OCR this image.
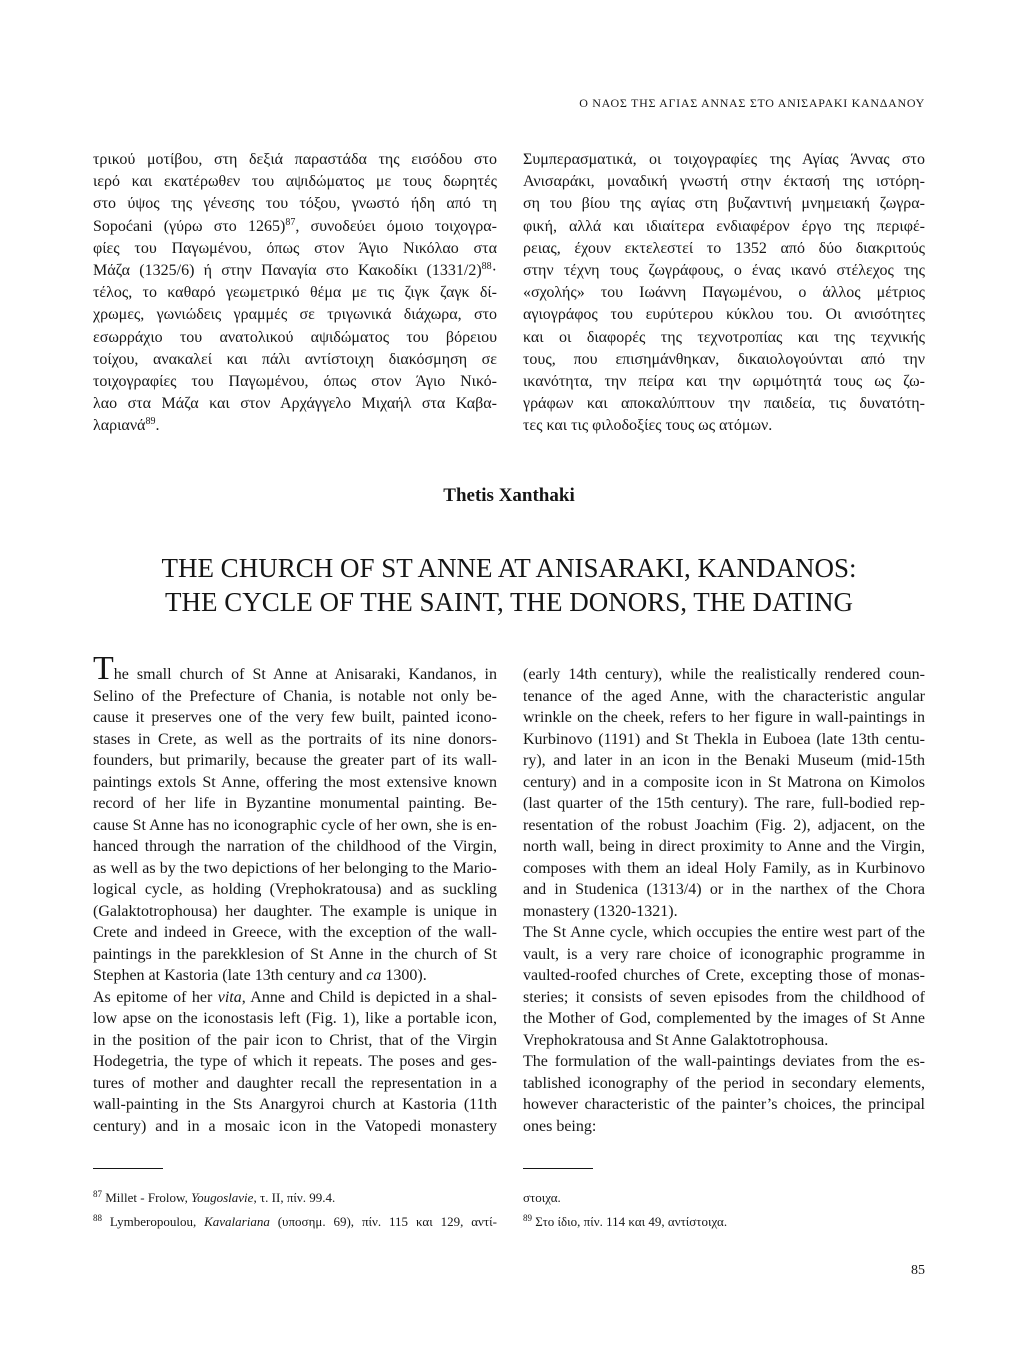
Ο ΝΑΟΣ ΤΗΣ ΑΓΙΑΣ ΑΝΝΑΣ ΣΤΟ ΑΝΙΣΑΡΑΚΙ ΚΑΝΔΑΝΟΥ
τρικού μοτίβου, στη δεξιά παραστάδα της εισόδου στο
ιερό και εκατέρωθεν του αψιδώματος με τους δωρητές
στο ύψος της γένεσης του τόξου, γνωστό ήδη από τη
Sopoćani (γύρω στο 1265)$^{87}$, συνοδεύει όμοιο τοιχογρα-
φίες του Παγωμένου, όπως στον Άγιο Νικόλαο στα
Μάζα (1325/6) ή στην Παναγία στο Κακοδίκι $(1331/2)^{88}\cdot$
τέλος, το καθαρό γεωμετρικό θέμα με τις ζιγκ ζαγκ δί-
χρωμες, γωνιώδεις γραμμές σε τριγωνικά διάχωρα, στο
εσωρράχιο του ανατολικού αψιδώματος του βόρειου
τοίχου, ανακαλεί και πάλι αντίστοιχη διακόσμηση σε
τοιχογραφίες του Παγωμένου, όπως στον Άγιο Νικό-
λαο στα Μάζα και στον Αρχάγγελο Μιχαήλ στα Καβα-
λαριανά$^{89}$.
Συμπερασματικά, οι τοιχογραφίες της Αγίας Άννας στο
Ανισαράκι, μοναδική γνωστή στην έκτασή της ιστόρη-
ση του βίου της αγίας στη βυζαντινή μνημειακή ζωγρα-
φική, αλλά και ιδιαίτερα ενδιαφέρον έργο της περιφέ-
ρειας, έχουν εκτελεστεί το 1352 από δύο διακριτούς
στην τέχνη τους ζωγράφους, ο ένας ικανό στέλεχος της
«σχολής» του Ιωάννη Παγωμένου, ο άλλος μέτριος
αγιογράφος του ευρύτερου κύκλου του. Οι ανισότητες
και οι διαφορές της τεχνοτροπίας και της τεχνικής
τους, που επισημάνθηκαν, δικαιολογούνται από την
ικανότητα, την πείρα και την ωριμότητά τους ως ζω-
γράφων και αποκαλύπτουν την παιδεία, τις δυνατότη-
τες και τις φιλοδοξίες τους ως ατόμων.
Thetis Xanthaki
THE CHURCH OF ST ANNE AT ANISARAKI, KANDANOS:
THE CYCLE OF THE SAINT, THE DONORS, THE DATING
The small church of St Anne at Anisaraki, Kandanos, in
Selino of the Prefecture of Chania, is notable not only be-
cause it preserves one of the very few built, painted icono-
stases in Crete, as well as the portraits of its nine donors-
founders, but primarily, because the greater part of its wall-
paintings extols St Anne, offering the most extensive known
record of her life in Byzantine monumental painting. Be-
cause St Anne has no iconographic cycle of her own, she is en-
hanced through the narration of the childhood of the Virgin,
as well as by the two depictions of her belonging to the Mario-
logical cycle, as holding (Vrephokratousa) and as suckling
(Galaktotrophousa) her daughter. The example is unique in
Crete and indeed in Greece, with the exception of the wall-
paintings in the parekklesion of St Anne in the church of St
Stephen at Kastoria (late 13th century and ca 1300).
As epitome of her vita, Anne and Child is depicted in a shal-
low apse on the iconostasis left (Fig. 1), like a portable icon,
in the position of the pair icon to Christ, that of the Virgin
Hodegetria, the type of which it repeats. The poses and ges-
tures of mother and daughter recall the representation in a
wall-painting in the Sts Anargyroi church at Kastoria (11th
century) and in a mosaic icon in the Vatopedi monastery
(early 14th century), while the realistically rendered coun-
tenance of the aged Anne, with the characteristic angular
wrinkle on the cheek, refers to her figure in wall-paintings in
Kurbinovo (1191) and St Thekla in Euboea (late 13th centu-
ry), and later in an icon in the Benaki Museum (mid-15th
century) and in a composite icon in St Matrona on Kimolos
(last quarter of the 15th century). The rare, full-bodied rep-
resentation of the robust Joachim (Fig. 2), adjacent, on the
north wall, being in direct proximity to Anne and the Virgin,
composes with them an ideal Holy Family, as in Kurbinovo
and in Studenica (1313/4) or in the narthex of the Chora
monastery (1320-1321).
The St Anne cycle, which occupies the entire west part of the
vault, is a very rare choice of iconographic programme in
vaulted-roofed churches of Crete, excepting those of monas-
steries; it consists of seven episodes from the childhood of
the Mother of God, complemented by the images of St Anne
Vrephokratousa and St Anne Galaktotrophousa.
The formulation of the wall-paintings deviates from the es-
tablished iconography of the period in secondary elements,
however characteristic of the painter’s choices, the principal
ones being:
$^{87}$ Millet - Frolow, Yougoslavie, τ. II, πίν. 99.4.
$^{88}$ Lymberopoulou, Kavalariana (υποσημ. 69), πίν. 115 και 129, αντί-
στοιχα.
$^{89}$ Στο ίδιο, πίν. 114 και 49, αντίστοιχα.
85
